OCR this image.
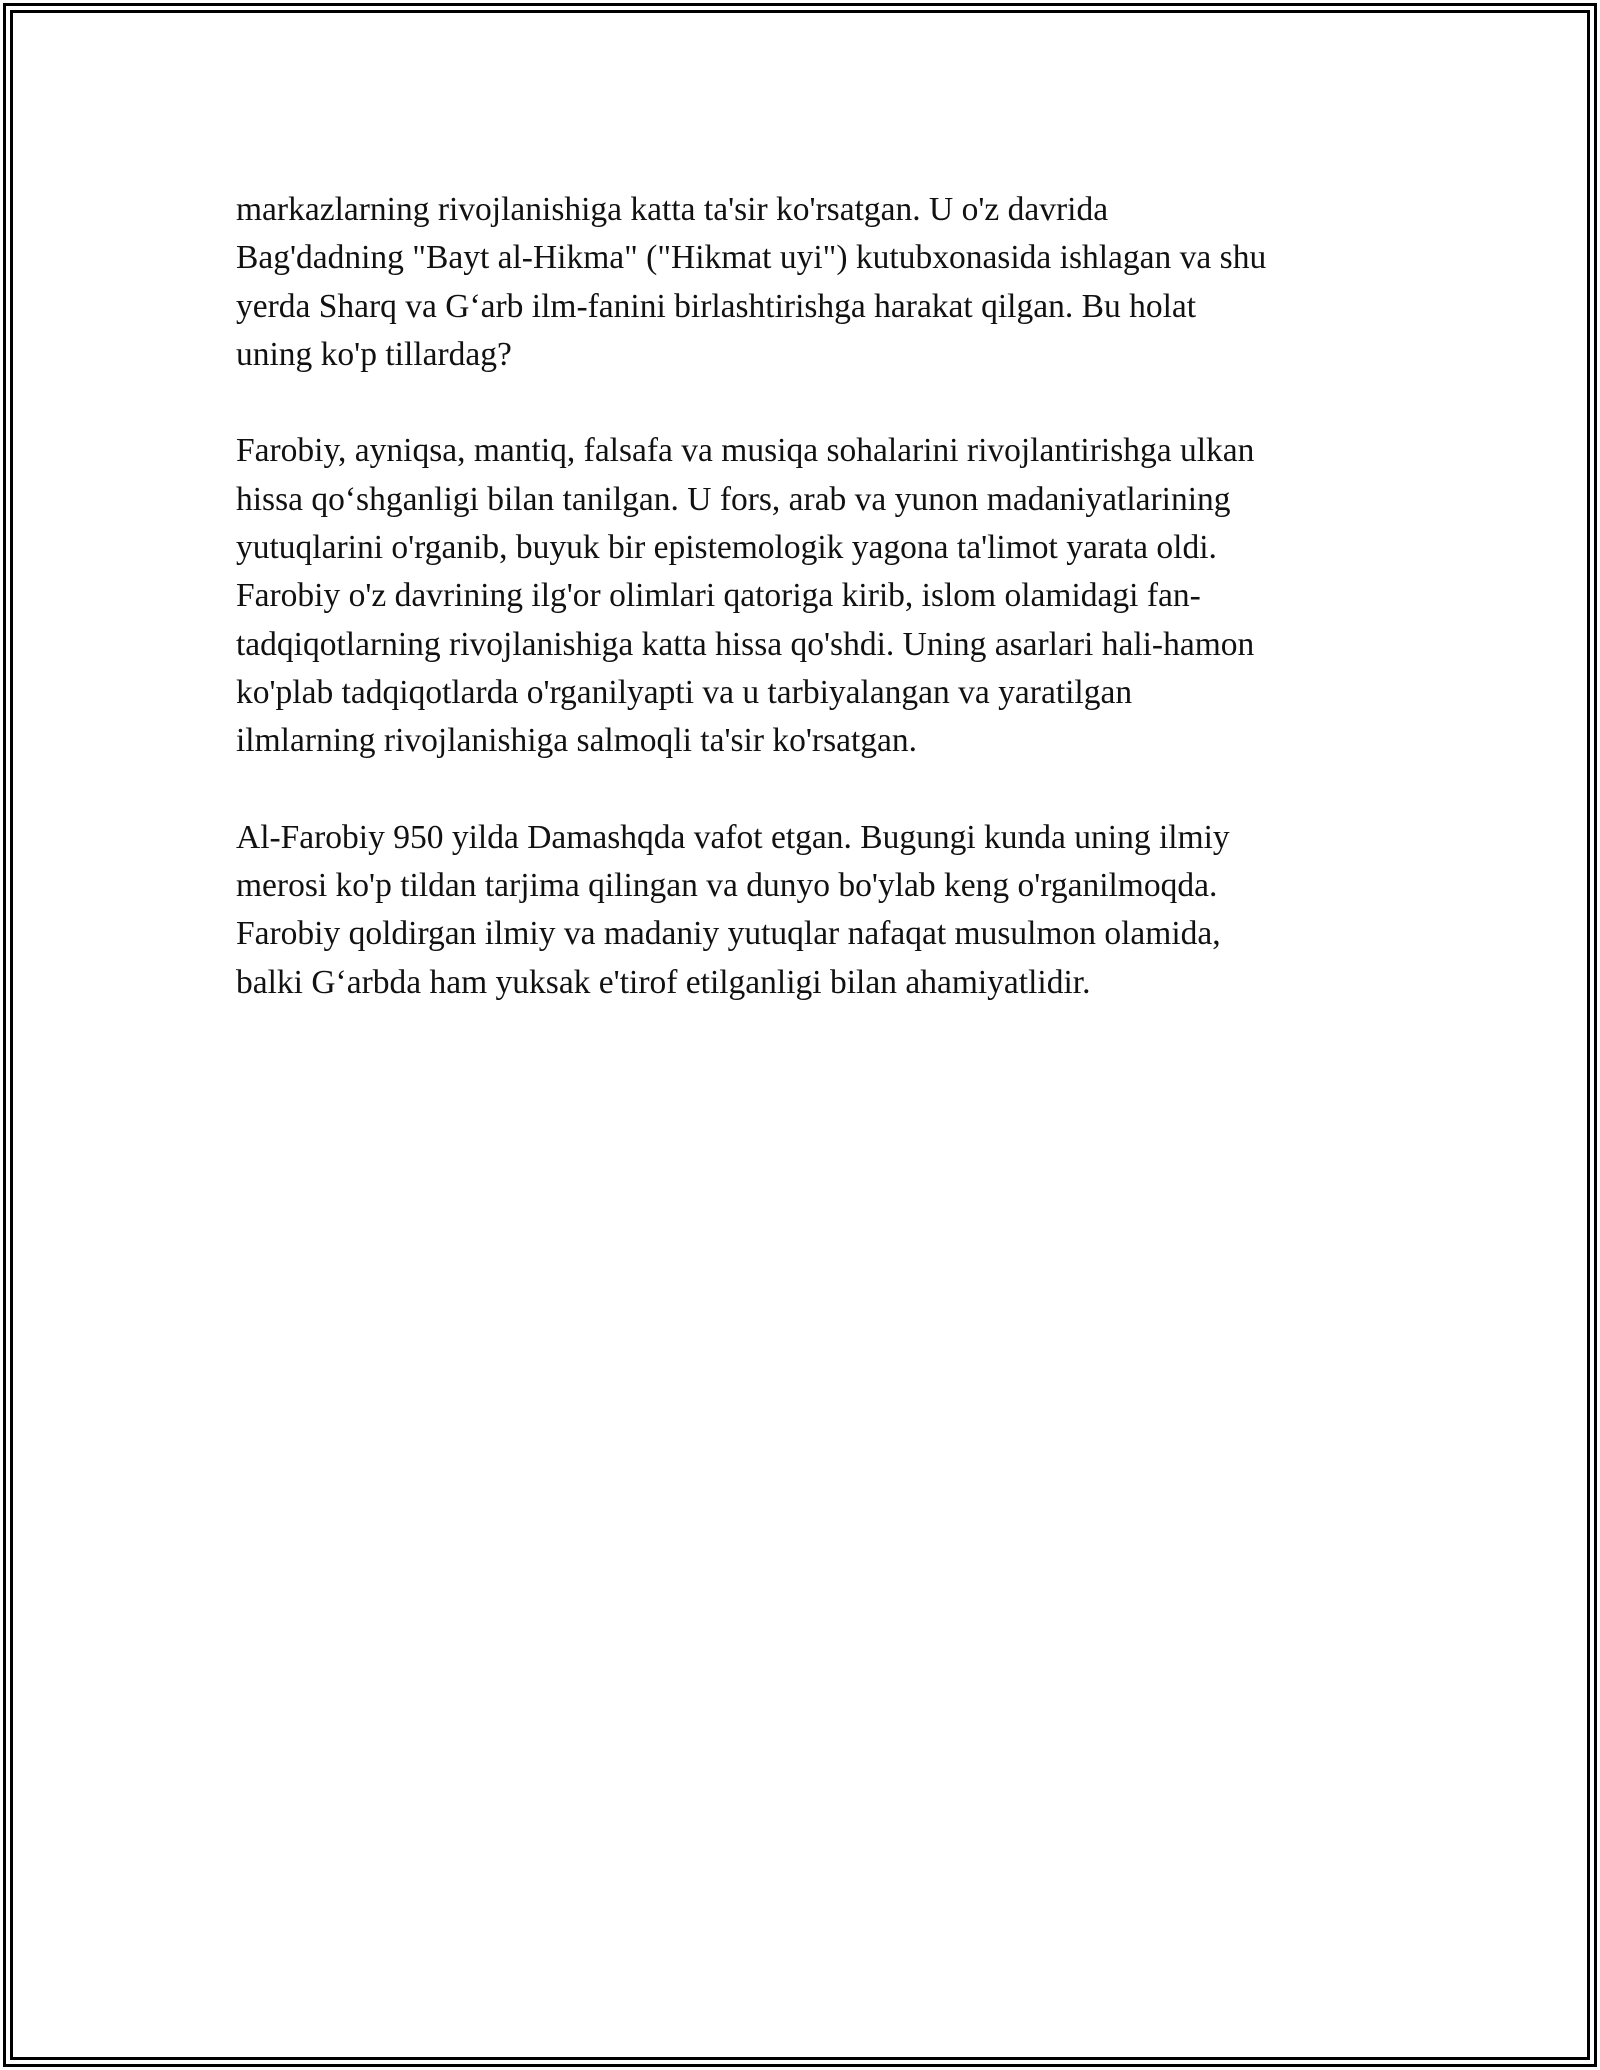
markazlarning rivojlanishiga katta ta'sir ko'rsatgan. U o'z davrida
Bag'dadning "Bayt al-Hikma" ("Hikmat uyi") kutubxonasida ishlagan va shu
yerda Sharq va G‘arb ilm-fanini birlashtirishga harakat qilgan. Bu holat
uning ko'p tillardag?

Farobiy, ayniqsa, mantiq, falsafa va musiqa sohalarini rivojlantirishga ulkan
hissa qo‘shganligi bilan tanilgan. U fors, arab va yunon madaniyatlarining
yutuqlarini o'rganib, buyuk bir epistemologik yagona ta'limot yarata oldi.
Farobiy o'z davrining ilg'or olimlari qatoriga kirib, islom olamidagi fan-
tadqiqotlarning rivojlanishiga katta hissa qo'shdi. Uning asarlari hali-hamon
ko'plab tadqiqotlarda o'rganilyapti va u tarbiyalangan va yaratilgan
ilmlarning rivojlanishiga salmoqli ta'sir ko'rsatgan.

Al-Farobiy 950 yilda Damashqda vafot etgan. Bugungi kunda uning ilmiy
merosi ko'p tildan tarjima qilingan va dunyo bo'ylab keng o'rganilmoqda.
Farobiy qoldirgan ilmiy va madaniy yutuqlar nafaqat musulmon olamida,
balki G‘arbda ham yuksak e'tirof etilganligi bilan ahamiyatlidir.
